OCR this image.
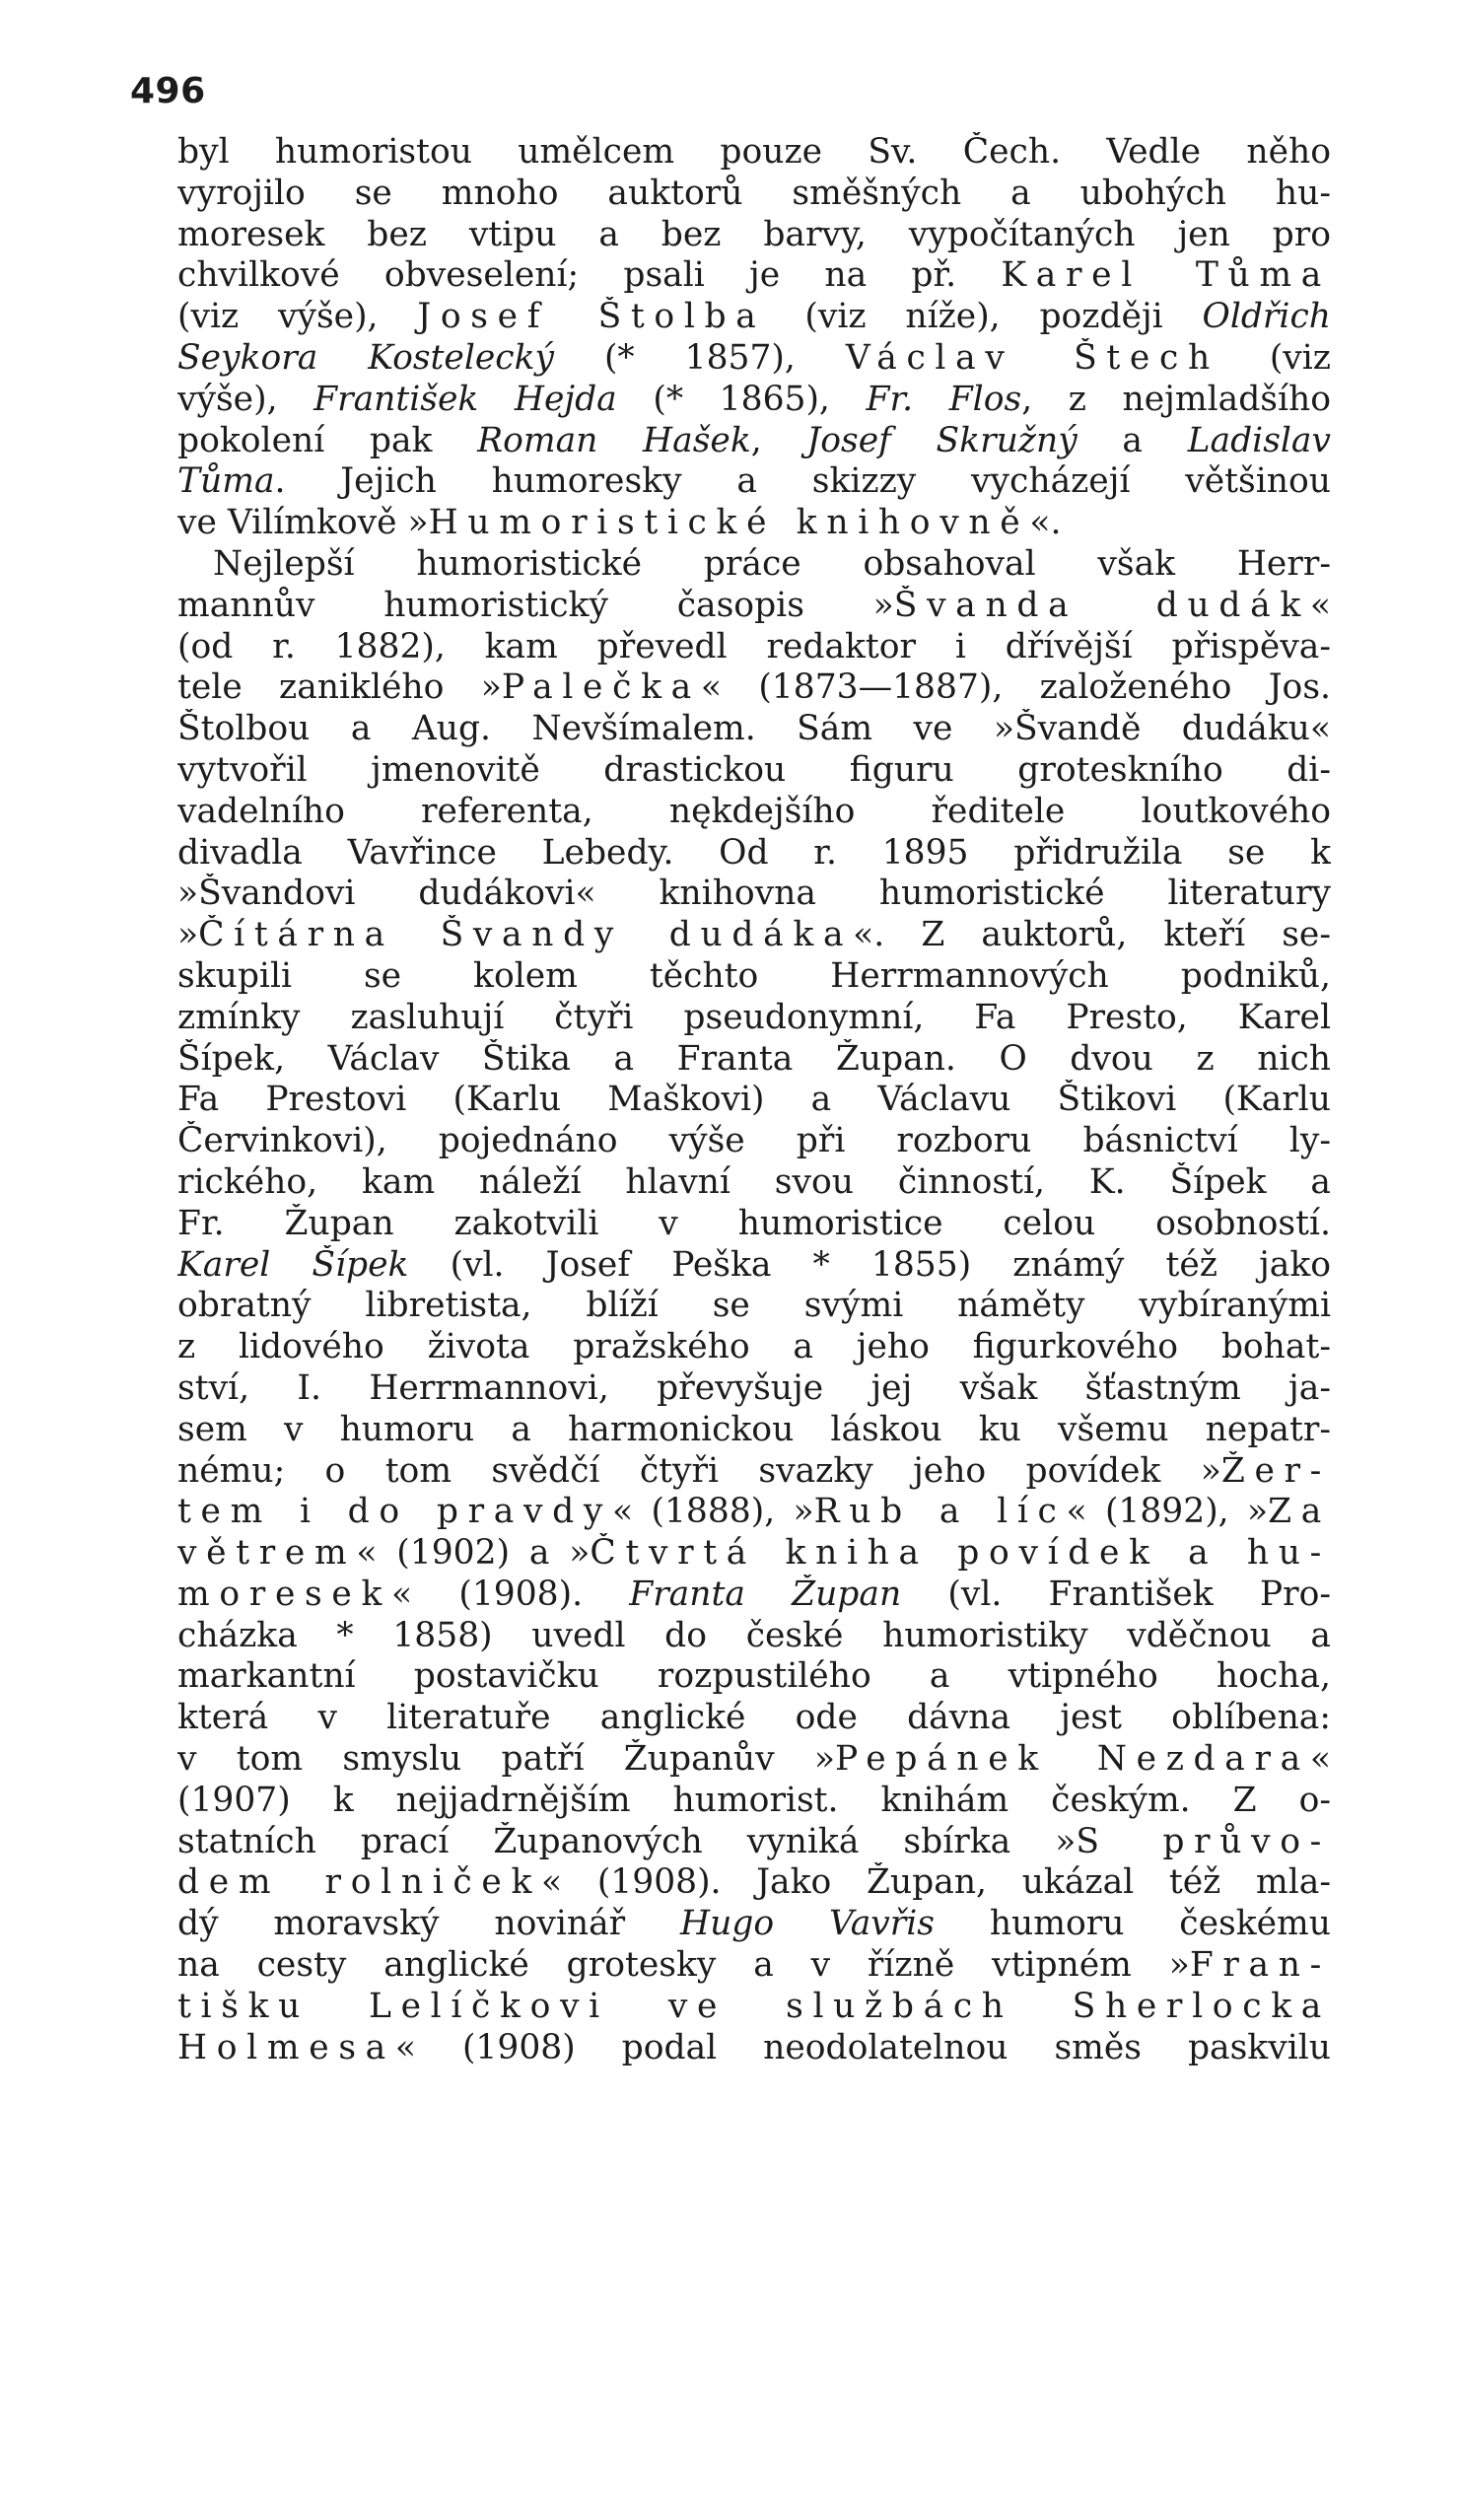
496
byl humoristou umělcem pouze Sv. Čech. Vedle něho
vyrojilo se mnoho auktorů směšných a ubohých hu-
moresek bez vtipu a bez barvy, vypočítaných jen pro
chvilkové obveselení; psali je na př. Karel Tůma
(viz výše), Josef Štolba (viz níže), později Oldřich
Seykora Kostelecký (* 1857), Václav Štech (viz
výše), František Hejda (* 1865), Fr. Flos, z nejmladšího
pokolení pak Roman Hašek, Josef Skružný a Ladislav
Tůma. Jejich humoresky a skizzy vycházejí většinou
ve Vilímkově »Humoristické knihovně«.
Nejlepší humoristické práce obsahoval však Herr-
mannův humoristický časopis »Švanda dudák«
(od r. 1882), kam převedl redaktor i dřívější přispěva-
tele zaniklého »Palečka« (1873—1887), založeného Jos.
Štolbou a Aug. Nevšímalem. Sám ve »Švandě dudáku«
vytvořil jmenovitě drastickou figuru groteskního di-
vadelního referenta, nękdejšího ředitele loutkového
divadla Vavřince Lebedy. Od r. 1895 přidružila se k
»Švandovi dudákovi« knihovna humoristické literatury
»Čítárna Švandy dudáka«. Z auktorů, kteří se-
skupili se kolem těchto Herrmannových podniků,
zmínky zasluhují čtyři pseudonymní, Fa Presto, Karel
Šípek, Václav Štika a Franta Župan. O dvou z nich
Fa Prestovi (Karlu Maškovi) a Václavu Štikovi (Karlu
Červinkovi), pojednáno výše při rozboru básnictví ly-
rického, kam náleží hlavní svou činností, K. Šípek a
Fr. Župan zakotvili v humoristice celou osobností.
Karel Šípek (vl. Josef Peška * 1855) známý též jako
obratný libretista, blíží se svými náměty vybíranými
z lidového života pražského a jeho figurkového bohat-
ství, I. Herrmannovi, převyšuje jej však šťastným ja-
sem v humoru a harmonickou láskou ku všemu nepatr-
nému; o tom svědčí čtyři svazky jeho povídek »Žer-
tem i do pravdy« (1888), »Rub a líc« (1892), »Za
větrem« (1902) a »Čtvrtá kniha povídek a hu-
moresek« (1908). Franta Župan (vl. František Pro-
cházka * 1858) uvedl do české humoristiky vděčnou a
markantní postavičku rozpustilého a vtipného hocha,
která v literatuře anglické ode dávna jest oblíbena:
v tom smyslu patří Županův »Pepánek Nezdara«
(1907) k nejjadrnějším humorist. knihám českým. Z o-
statních prací Županových vyniká sbírka »S průvo-
dem rolniček« (1908). Jako Župan, ukázal též mla-
dý moravský novinář Hugo Vavřis humoru českému
na cesty anglické grotesky a v řízně vtipném »Fran-
tišku Lelíčkovi ve službách Sherlocka
Holmesa« (1908) podal neodolatelnou směs paskvilu
